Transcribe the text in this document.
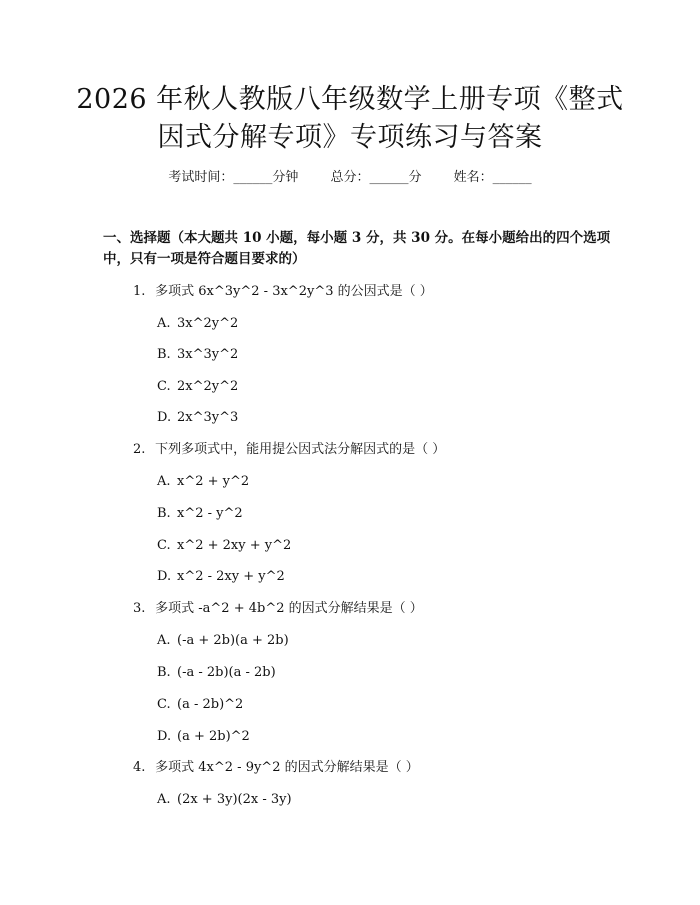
2026 年秋人教版八年级数学上册专项《整式
因式分解专项》专项练习与答案
考试时间：______分钟 总分：______分 姓名：______
一、选择题（本大题共 10 小题，每小题 3 分，共 30 分。在每小题给出的四个选项中，只有一项是符合题目要求的）
1. 多项式 6x^3y^2 - 3x^2y^3 的公因式是（ ）
A. 3x^2y^2
B. 3x^3y^2
C. 2x^2y^2
D. 2x^3y^3
2. 下列多项式中，能用提公因式法分解因式的是（ ）
A. x^2 + y^2
B. x^2 - y^2
C. x^2 + 2xy + y^2
D. x^2 - 2xy + y^2
3. 多项式 -a^2 + 4b^2 的因式分解结果是（ ）
A. (-a + 2b)(a + 2b)
B. (-a - 2b)(a - 2b)
C. (a - 2b)^2
D. (a + 2b)^2
4. 多项式 4x^2 - 9y^2 的因式分解结果是（ ）
A. (2x + 3y)(2x - 3y)
